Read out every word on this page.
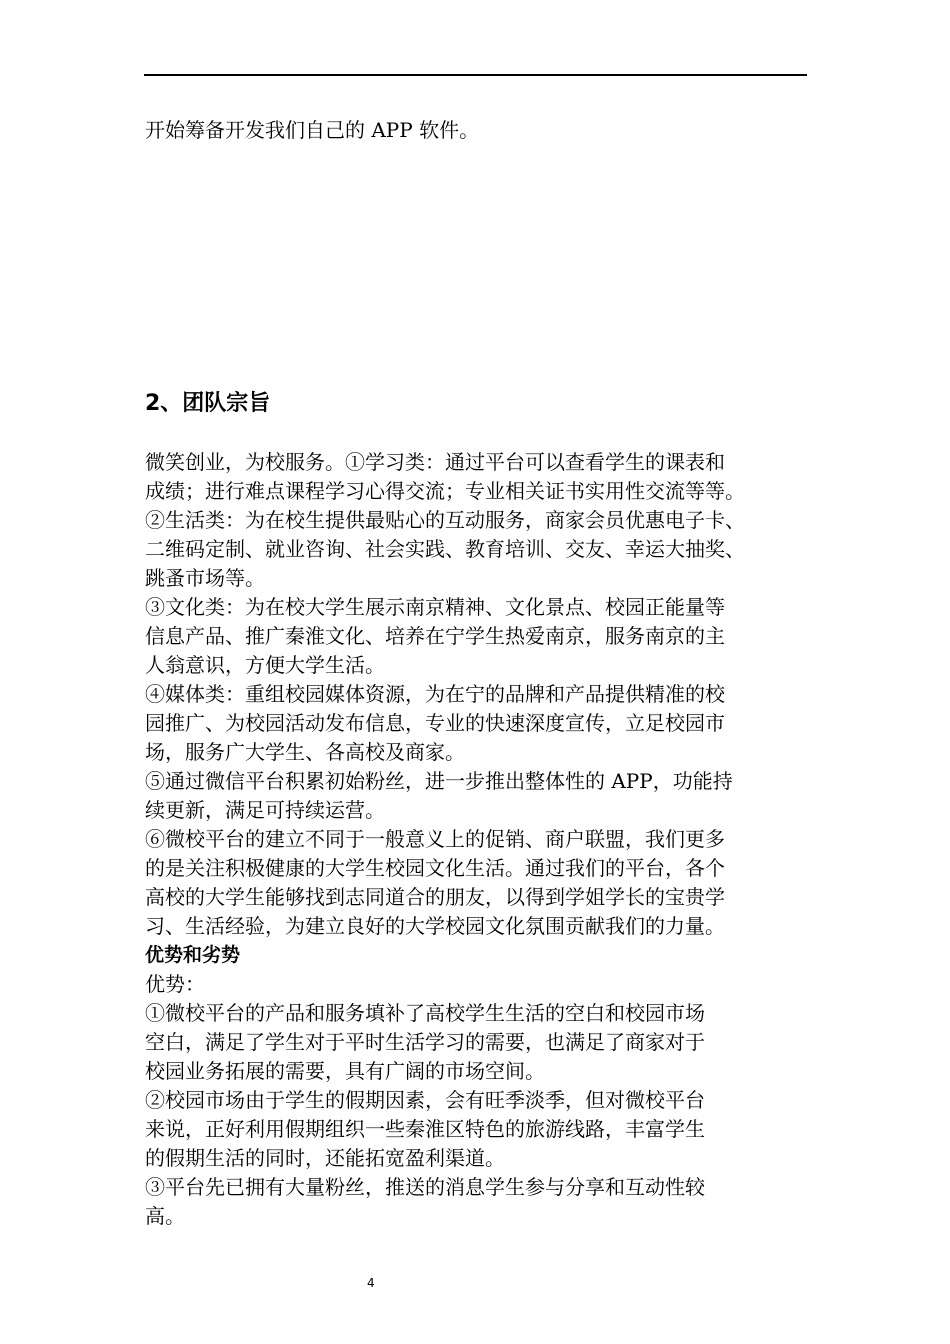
开始筹备开发我们自己的 APP 软件。
2、团队宗旨
微笑创业，为校服务。①学习类：通过平台可以查看学生的课表和
成绩；进行难点课程学习心得交流；专业相关证书实用性交流等等。
②生活类：为在校生提供最贴心的互动服务，商家会员优惠电子卡、
二维码定制、就业咨询、社会实践、教育培训、交友、幸运大抽奖、
跳蚤市场等。
③文化类：为在校大学生展示南京精神、文化景点、校园正能量等
信息产品、推广秦淮文化、培养在宁学生热爱南京，服务南京的主
人翁意识，方便大学生活。
④媒体类：重组校园媒体资源，为在宁的品牌和产品提供精准的校
园推广、为校园活动发布信息，专业的快速深度宣传，立足校园市
场，服务广大学生、各高校及商家。
⑤通过微信平台积累初始粉丝，进一步推出整体性的 APP，功能持
续更新，满足可持续运营。
⑥微校平台的建立不同于一般意义上的促销、商户联盟，我们更多
的是关注积极健康的大学生校园文化生活。通过我们的平台，各个
高校的大学生能够找到志同道合的朋友，以得到学姐学长的宝贵学
习、生活经验，为建立良好的大学校园文化氛围贡献我们的力量。
优势和劣势
优势：
①微校平台的产品和服务填补了高校学生生活的空白和校园市场
空白，满足了学生对于平时生活学习的需要，也满足了商家对于
校园业务拓展的需要，具有广阔的市场空间。
②校园市场由于学生的假期因素，会有旺季淡季，但对微校平台
来说，正好利用假期组织一些秦淮区特色的旅游线路，丰富学生
的假期生活的同时，还能拓宽盈利渠道。
③平台先已拥有大量粉丝，推送的消息学生参与分享和互动性较
高。
4
